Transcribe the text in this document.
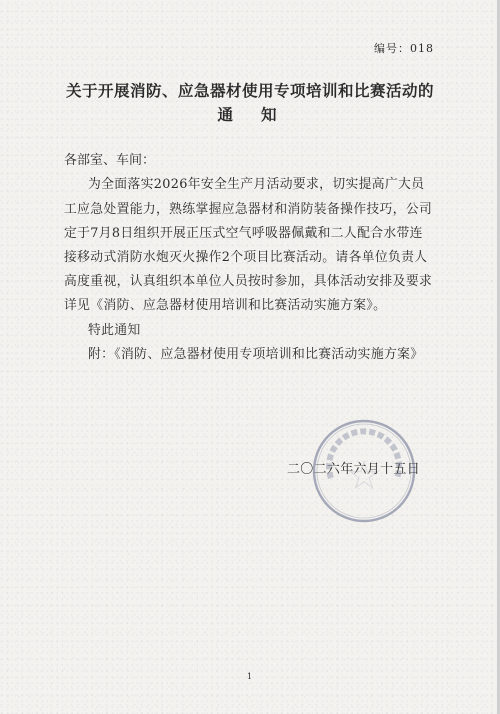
编号：018
关于开展消防、应急器材使用专项培训和比赛活动的
通知
各部室、车间：
为全面落实2026年安全生产月活动要求，切实提高广大员
工应急处置能力，熟练掌握应急器材和消防装备操作技巧，公司
定于7月8日组织开展正压式空气呼吸器佩戴和二人配合水带连
接移动式消防水炮灭火操作2个项目比赛活动。请各单位负责人
高度重视，认真组织本单位人员按时参加，具体活动安排及要求
详见《消防、应急器材使用培训和比赛活动实施方案》。
特此通知
附：《消防、应急器材使用专项培训和比赛活动实施方案》
二〇二六年六月十五日
1
